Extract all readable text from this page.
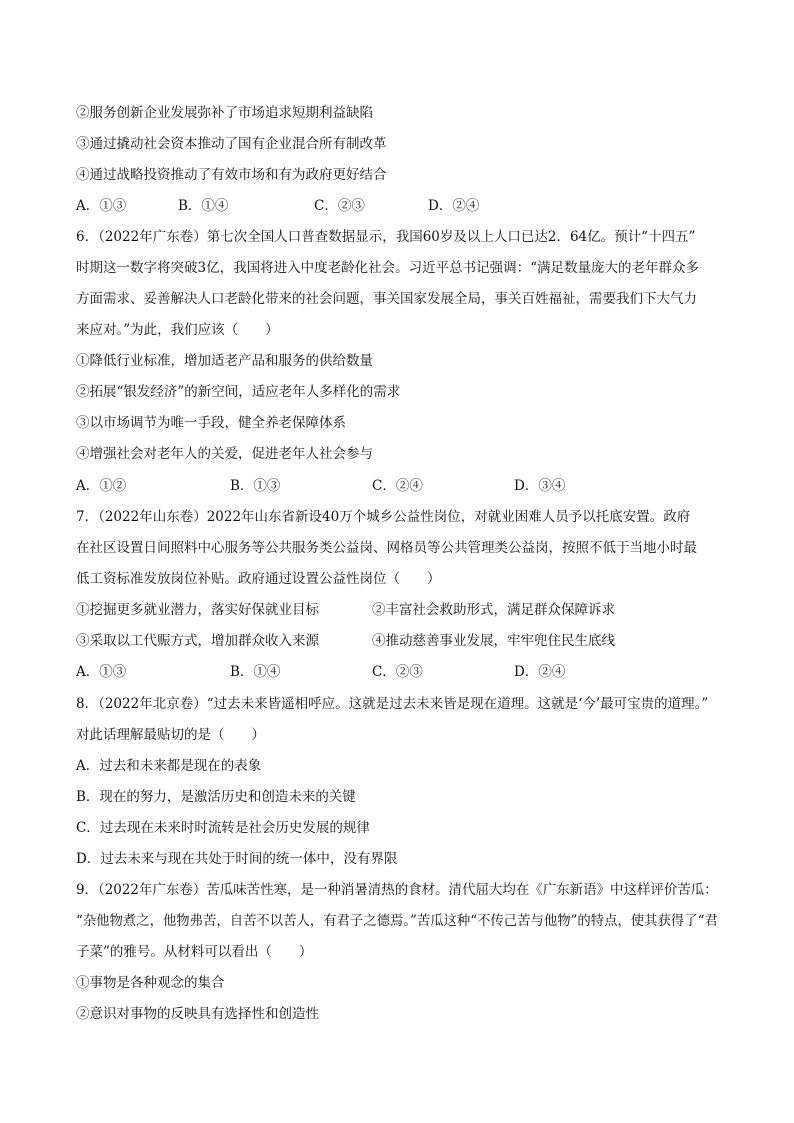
②服务创新企业发展弥补了市场追求短期利益缺陷
③通过撬动社会资本推动了国有企业混合所有制改革
④通过战略投资推动了有效市场和有为政府更好结合
A．①③	B．①④	C．②③	D．②④
6．（2022年广东卷）第七次全国人口普查数据显示，我国60岁及以上人口已达2．64亿。预计“十四五”
时期这一数字将突破3亿，我国将进入中度老龄化社会。习近平总书记强调：“满足数量庞大的老年群众多
方面需求、妥善解决人口老龄化带来的社会问题，事关国家发展全局，事关百姓福祉，需要我们下大气力
来应对。”为此，我们应该（　　）
①降低行业标准，增加适老产品和服务的供给数量
②拓展“银发经济”的新空间，适应老年人多样化的需求
③以市场调节为唯一手段，健全养老保障体系
④增强社会对老年人的关爱，促进老年人社会参与
A．①②	B．①③	C．②④	D．③④
7．（2022年山东卷）2022年山东省新设40万个城乡公益性岗位，对就业困难人员予以托底安置。政府
在社区设置日间照料中心服务等公共服务类公益岗、网格员等公共管理类公益岗，按照不低于当地小时最
低工资标准发放岗位补贴。政府通过设置公益性岗位（　　）
①挖掘更多就业潜力，落实好保就业目标	②丰富社会救助形式，满足群众保障诉求
③采取以工代赈方式，增加群众收入来源	④推动慈善事业发展，牢牢兜住民生底线
A．①③	B．①④	C．②③	D．②④
8．（2022年北京卷）“过去未来皆遥相呼应。这就是过去未来皆是现在道理。这就是‘今’最可宝贵的道理。”
对此话理解最贴切的是（　　）
A．过去和未来都是现在的表象
B．现在的努力，是激活历史和创造未来的关键
C．过去现在未来时时流转是社会历史发展的规律
D．过去未来与现在共处于时间的统一体中，没有界限
9．（2022年广东卷）苦瓜味苦性寒，是一种消暑清热的食材。清代屈大均在《广东新语》中这样评价苦瓜：
“杂他物煮之，他物弗苦，自苦不以苦人，有君子之德焉。”苦瓜这种“不传己苦与他物”的特点，使其获得了“君
子菜”的雅号。从材料可以看出（　　）
①事物是各种观念的集合
②意识对事物的反映具有选择性和创造性
